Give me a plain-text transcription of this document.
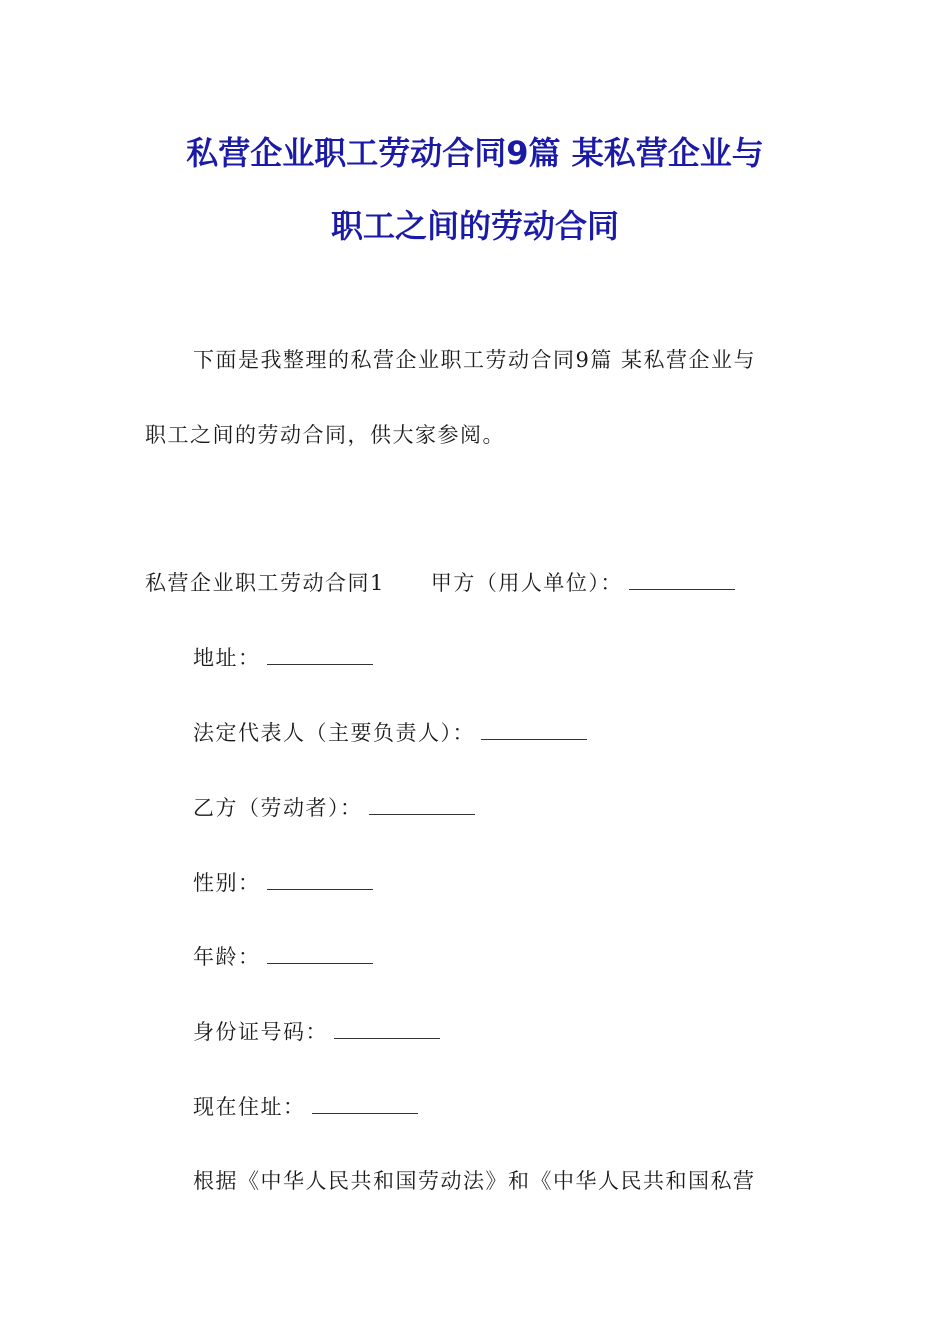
私营企业职工劳动合同9篇 某私营企业与
职工之间的劳动合同
下面是我整理的私营企业职工劳动合同9篇 某私营企业与
职工之间的劳动合同，供大家参阅。
私营企业职工劳动合同1 甲方（用人单位）：
地址：
法定代表人（主要负责人）：
乙方（劳动者）：
性别：
年龄：
身份证号码：
现在住址：
根据《中华人民共和国劳动法》和《中华人民共和国私营
